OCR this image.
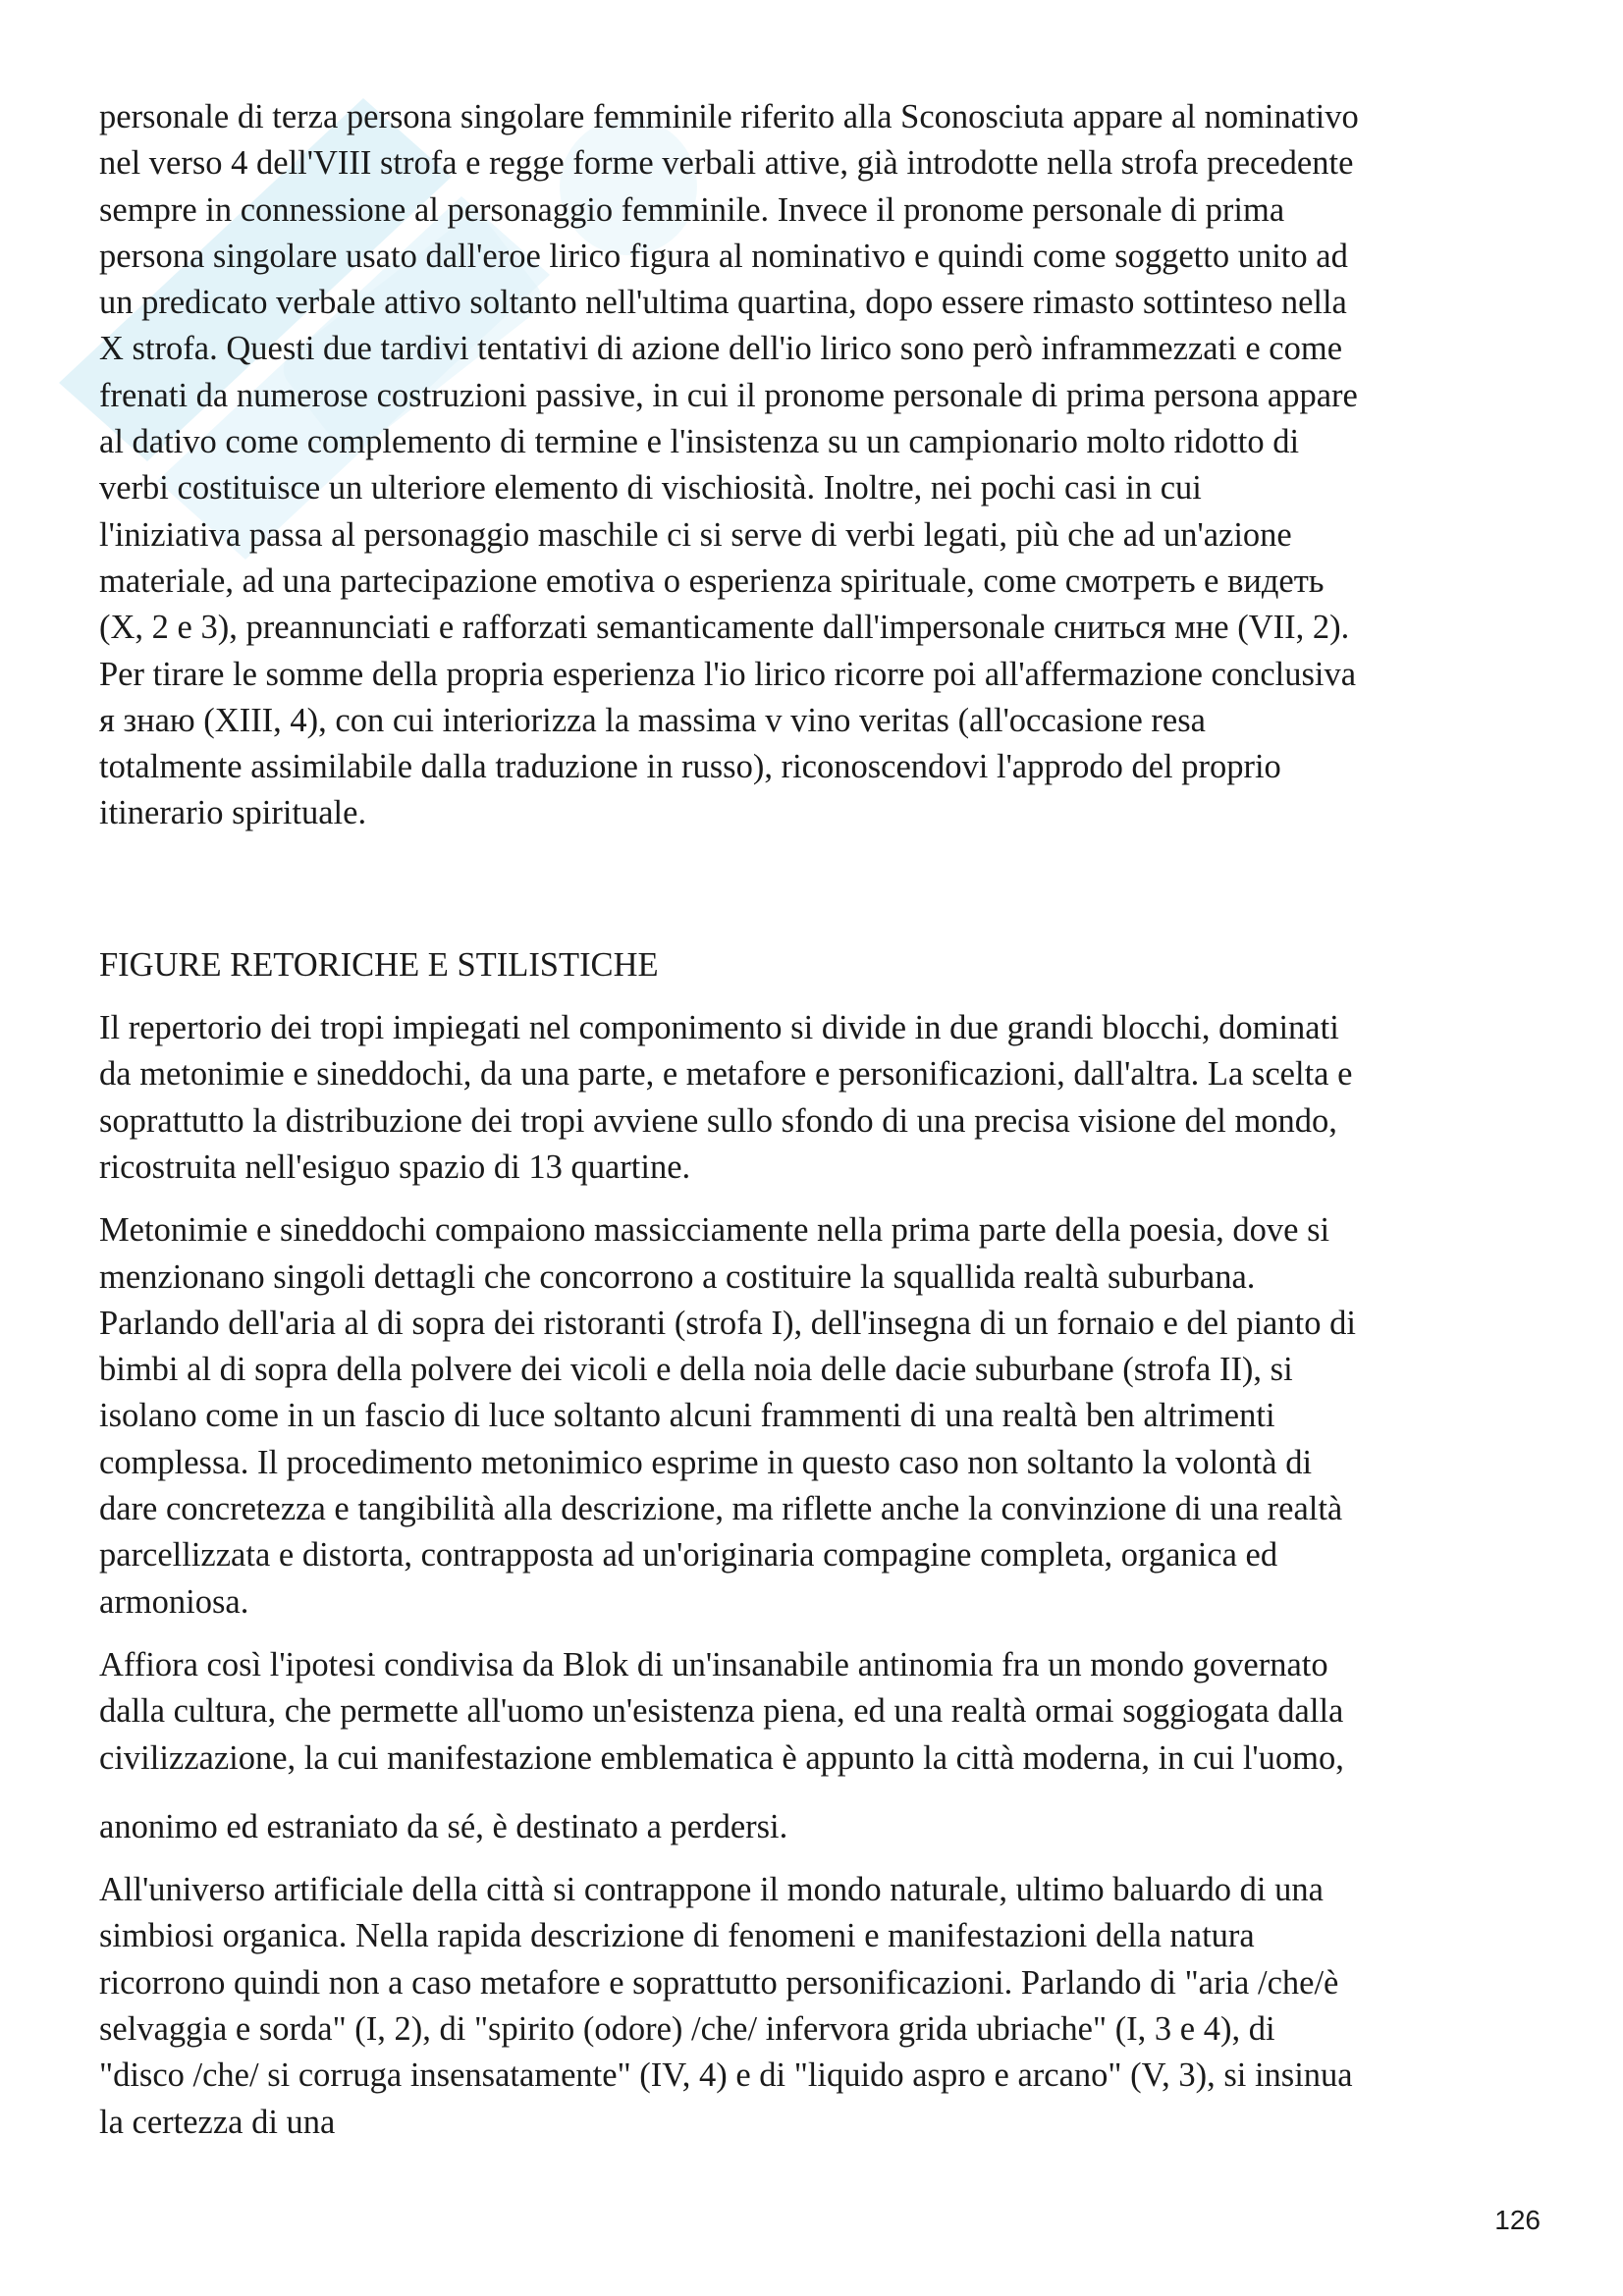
personale di terza persona singolare femminile riferito alla Sconosciuta appare al nominativo
nel verso 4 dell'VIII strofa e regge forme verbali attive, già introdotte nella strofa precedente
sempre in connessione al personaggio femminile. Invece il pronome personale di prima
persona singolare usato dall'eroe lirico figura al nominativo e quindi come soggetto unito ad
un predicato verbale attivo soltanto nell'ultima quartina, dopo essere rimasto sottinteso nella
X strofa. Questi due tardivi tentativi di azione dell'io lirico sono però inframmezzati e come
frenati da numerose costruzioni passive, in cui il pronome personale di prima persona appare
al dativo come complemento di termine e l'insistenza su un campionario molto ridotto di
verbi costituisce un ulteriore elemento di vischiosità. Inoltre, nei pochi casi in cui
l'iniziativa passa al personaggio maschile ci si serve di verbi legati, più che ad un'azione
materiale, ad una partecipazione emotiva o esperienza spirituale, come смотреть e видеть
(X, 2 e 3), preannunciati e rafforzati semanticamente dall'impersonale сниться мне (VII, 2).
Per tirare le somme della propria esperienza l'io lirico ricorre poi all'affermazione conclusiva
я знаю (XIII, 4), con cui interiorizza la massima v vino veritas (all'occasione resa
totalmente assimilabile dalla traduzione in russo), riconoscendovi l'approdo del proprio
itinerario spirituale.

FIGURE RETORICHE E STILISTICHE

Il repertorio dei tropi impiegati nel componimento si divide in due grandi blocchi, dominati
da metonimie e sineddochi, da una parte, e metafore e personificazioni, dall'altra. La scelta e
soprattutto la distribuzione dei tropi avviene sullo sfondo di una precisa visione del mondo,
ricostruita nell'esiguo spazio di 13 quartine.

Metonimie e sineddochi compaiono massicciamente nella prima parte della poesia, dove si
menzionano singoli dettagli che concorrono a costituire la squallida realtà suburbana.
Parlando dell'aria al di sopra dei ristoranti (strofa I), dell'insegna di un fornaio e del pianto di
bimbi al di sopra della polvere dei vicoli e della noia delle dacie suburbane (strofa II), si
isolano come in un fascio di luce soltanto alcuni frammenti di una realtà ben altrimenti
complessa. Il procedimento metonimico esprime in questo caso non soltanto la volontà di
dare concretezza e tangibilità alla descrizione, ma riflette anche la convinzione di una realtà
parcellizzata e distorta, contrapposta ad un'originaria compagine completa, organica ed
armoniosa.

Affiora così l'ipotesi condivisa da Blok di un'insanabile antinomia fra un mondo governato
dalla cultura, che permette all'uomo un'esistenza piena, ed una realtà ormai soggiogata dalla
civilizzazione, la cui manifestazione emblematica è appunto la città moderna, in cui l'uomo,

anonimo ed estraniato da sé, è destinato a perdersi.

All'universo artificiale della città si contrappone il mondo naturale, ultimo baluardo di una
simbiosi organica. Nella rapida descrizione di fenomeni e manifestazioni della natura
ricorrono quindi non a caso metafore e soprattutto personificazioni. Parlando di "aria /che/è
selvaggia e sorda" (I, 2), di "spirito (odore) /che/ infervora grida ubriache" (I, 3 e 4), di
"disco /che/ si corruga insensatamente" (IV, 4) e di "liquido aspro e arcano" (V, 3), si insinua
la certezza di una

126
